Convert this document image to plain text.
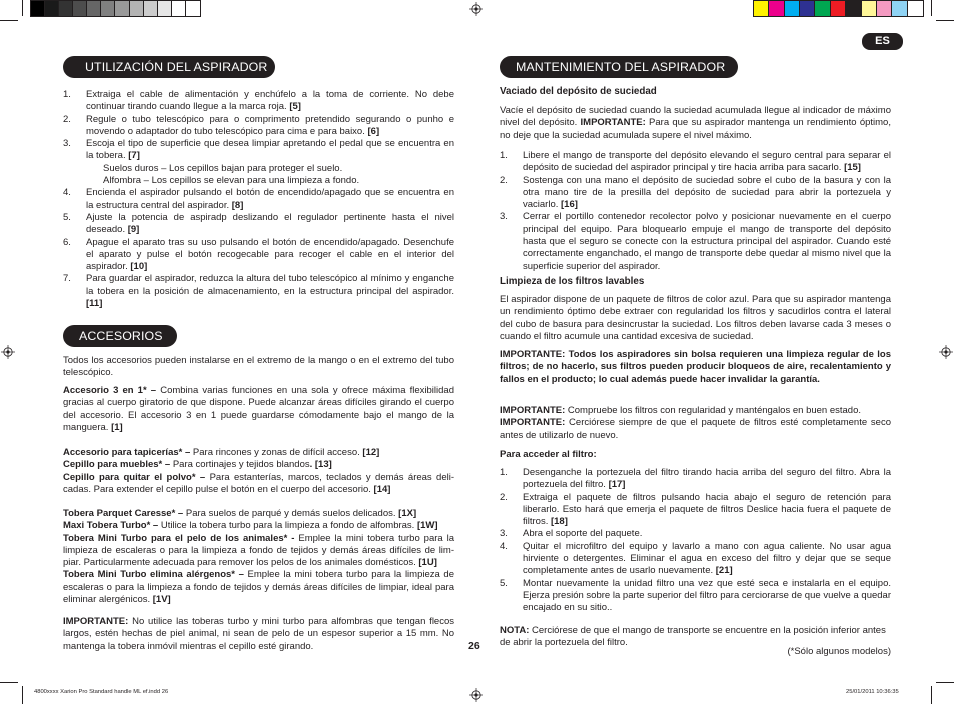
ES
UTILIZACIÓN DEL ASPIRADOR
1. Extraiga el cable de alimentación y enchúfelo a la toma de corriente. No debe continuar tirando cuando llegue a la marca roja. [5]
2. Regule o tubo telescópico para o comprimento pretendido segurando o punho e movendo o adaptador do tubo telescópico para cima e para baixo. [6]
3. Escoja el tipo de superficie que desea limpiar apretando el pedal que se encuentra en la tobera. [7]
Suelos duros – Los cepillos bajan para proteger el suelo.
Alfombra – Los cepillos se elevan para una limpieza a fondo.
4. Encienda el aspirador pulsando el botón de encendido/apagado que se encuentra en la estructura central del aspirador. [8]
5. Ajuste la potencia de aspiradp deslizando el regulador pertinente hasta el nivel deseado. [9]
6. Apague el aparato tras su uso pulsando el botón de encendido/apagado. Desenchufe el aparato y pulse el botón recogecable para recoger el cable en el interior del aspirador. [10]
7. Para guardar el aspirador, reduzca la altura del tubo telescópico al mínimo y enganche la tobera en la posición de almacenamiento, en la estructura principal del aspirador. [11]
ACCESORIOS
Todos los accesorios pueden instalarse en el extremo de la mango o en el extremo del tubo telescópico.
Accesorio 3 en 1* – Combina varias funciones en una sola y ofrece máxima flexibilidad gracias al cuerpo giratorio de que dispone. Puede alcanzar áreas difíciles girando el cuerpo del accesorio. El accesorio 3 en 1 puede guardarse cómodamente bajo el mango de la manguera. [1]
Accesorio para tapicerías* – Para rincones y zonas de difícil acceso. [12]
Cepillo para muebles* – Para cortinajes y tejidos blandos. [13]
Cepillo para quitar el polvo* – Para estanterías, marcos, teclados y demás áreas deli-cadas. Para extender el cepillo pulse el botón en el cuerpo del accesorio. [14]
Tobera Parquet Caresse* – Para suelos de parqué y demás suelos delicados. [1X]
Maxi Tobera Turbo* – Utilice la tobera turbo para la limpieza a fondo de alfombras. [1W]
Tobera Mini Turbo para el pelo de los animales* - Emplee la mini tobera turbo para la limpieza de escaleras o para la limpieza a fondo de tejidos y demás áreas difíciles de lim-piar. Particularmente adecuada para remover los pelos de los animales domésticos. [1U]
Tobera Mini Turbo elimina alérgenos* – Emplee la mini tobera turbo para la limpieza de escaleras o para la limpieza a fondo de tejidos y demás áreas difíciles de limpiar, ideal para eliminar alergénicos. [1V]
IMPORTANTE: No utilice las toberas turbo y mini turbo para alfombras que tengan flecos largos, estén hechas de piel animal, ni sean de pelo de un espesor superior a 15 mm. No mantenga la tobera inmóvil mientras el cepillo esté girando.	26
MANTENIMIENTO DEL ASPIRADOR
Vaciado del depósito de suciedad
Vacíe el depósito de suciedad cuando la suciedad acumulada llegue al indicador de máximo nivel del depósito. IMPORTANTE: Para que su aspirador mantenga un rendimiento óptimo, no deje que la suciedad acumulada supere el nivel máximo.
1. Libere el mango de transporte del depósito elevando el seguro central para separar el depósito de suciedad del aspirador principal y tire hacia arriba para sacarlo. [15]
2. Sostenga con una mano el depósito de suciedad sobre el cubo de la basura y con la otra mano tire de la presilla del depósito de suciedad para abrir la portezuela y vaciarlo. [16]
3. Cerrar el portillo contenedor recolector polvo y posicionar nuevamente en el cuerpo principal del equipo. Para bloquearlo empuje el mango de transporte del depósito hasta que el seguro se conecte con la estructura principal del aspirador. Cuando esté correctamente enganchado, el mango de transporte debe quedar al mismo nivel que la superficie superior del aspirador.
Limpieza de los filtros lavables
El aspirador dispone de un paquete de filtros de color azul. Para que su aspirador mantenga un rendimiento óptimo debe extraer con regularidad los filtros y sacudirlos contra el lateral del cubo de basura para desincrustar la suciedad. Los filtros deben lavarse cada 3 meses o cuando el filtro acumule una cantidad excesiva de suciedad.
IMPORTANTE: Todos los aspiradores sin bolsa requieren una limpieza regular de los filtros; de no hacerlo, sus filtros pueden producir bloqueos de aire, recalentamiento y fallos en el producto; lo cual además puede hacer invalidar la garantía.
IMPORTANTE: Compruebe los filtros con regularidad y manténgalos en buen estado.
IMPORTANTE: Cerciórese siempre de que el paquete de filtros esté completamente seco antes de utilizarlo de nuevo.
Para acceder al filtro:
1. Desenganche la portezuela del filtro tirando hacia arriba del seguro del filtro. Abra la portezuela del filtro. [17]
2. Extraiga el paquete de filtros pulsando hacia abajo el seguro de retención para liberarlo. Esto hará que emerja el paquete de filtros Deslice hacia fuera el paquete de filtros. [18]
3. Abra el soporte del paquete.
4. Quitar el microfiltro del equipo y lavarlo a mano con agua caliente. No usar agua hirviente o detergentes. Eliminar el agua en exceso del filtro y dejar que se seque completamente antes de usarlo nuevamente. [21]
5. Montar nuevamente la unidad filtro una vez que esté seca e instalarla en el equipo. Ejerza presión sobre la parte superior del filtro para cerciorarse de que vuelve a quedar encajado en su sitio..
NOTA: Cerciórese de que el mango de transporte se encuentre en la posición inferior antes de abrir la portezuela del filtro.
(*Sólo algunos modelos)
4800xxxx Xarion Pro Standard handle ML ef.indd 26	25/01/2011 10:36:35
